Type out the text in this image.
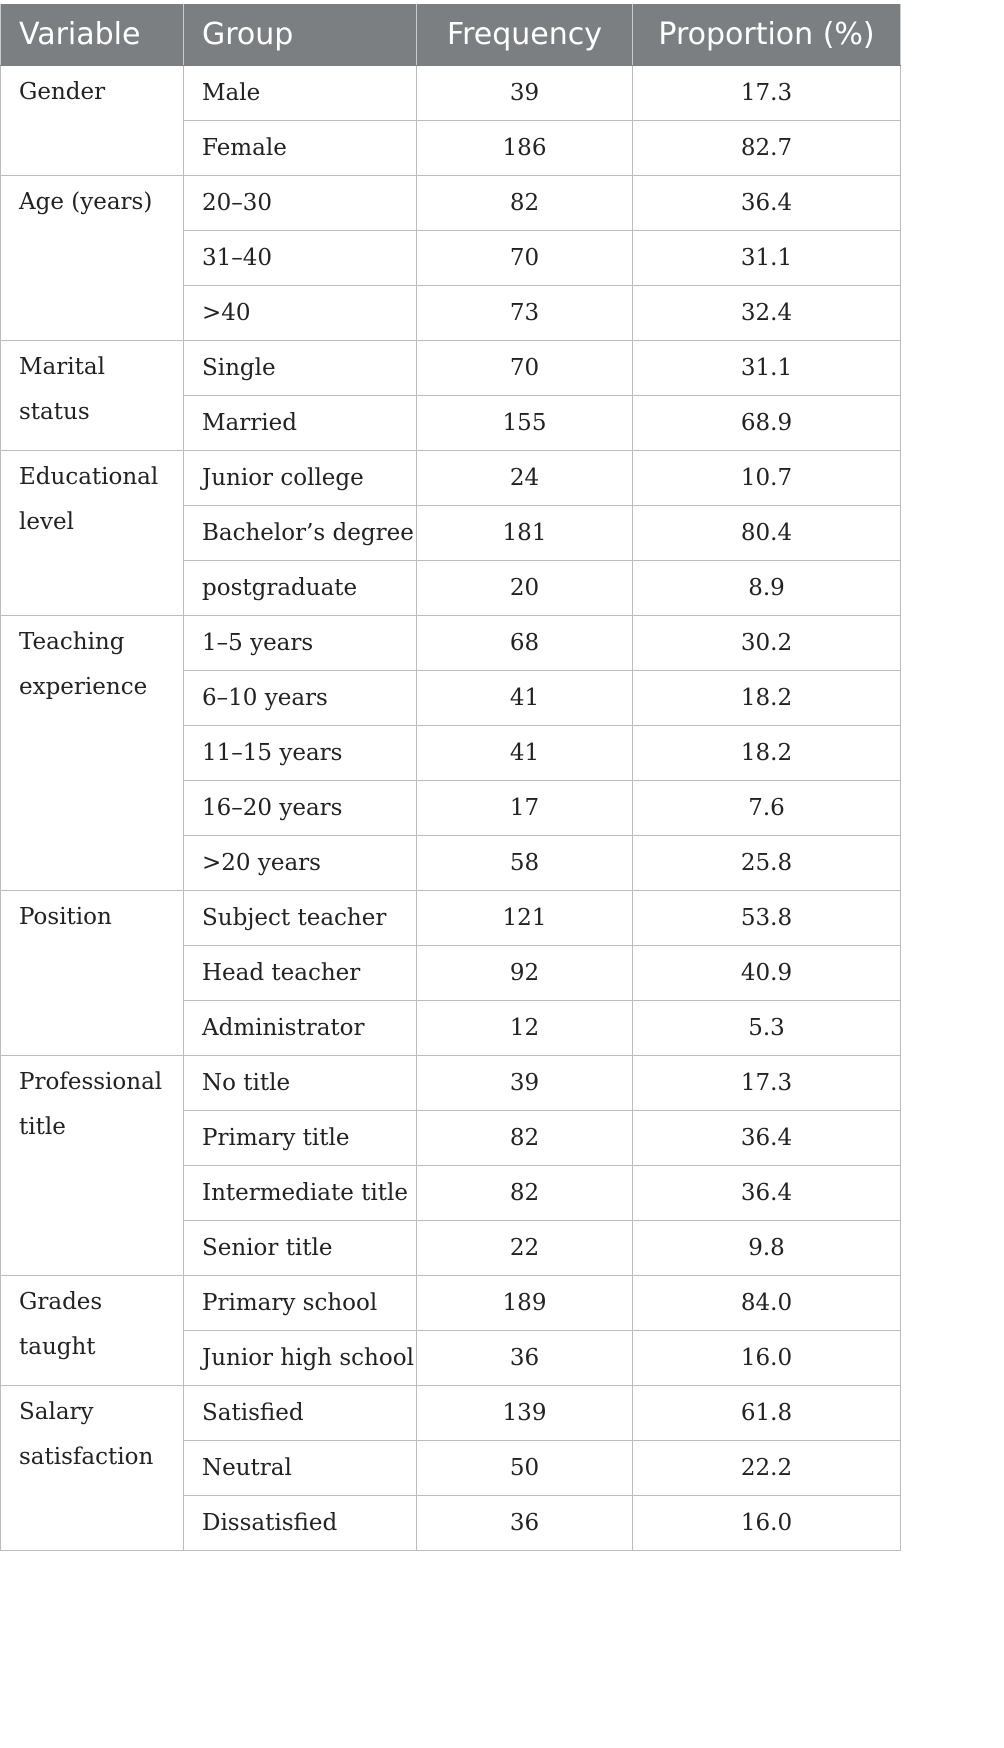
Variable	Group	Frequency	Proportion (%)

Gender	Male	39	17.3
	Female	186	82.7

Age (years)	20–30	82	36.4
	31–40	70	31.1
	>40	73	32.4

Marital status	Single	70	31.1
	Married	155	68.9

Educational level	Junior college	24	10.7
	Bachelor’s degree	181	80.4
	postgraduate	20	8.9

Teaching experience	1–5 years	68	30.2
	6–10 years	41	18.2
	11–15 years	41	18.2
	16–20 years	17	7.6
	>20 years	58	25.8

Position	Subject teacher	121	53.8
	Head teacher	92	40.9
	Administrator	12	5.3

Professional title	No title	39	17.3
	Primary title	82	36.4
	Intermediate title	82	36.4
	Senior title	22	9.8

Grades taught	Primary school	189	84.0
	Junior high school	36	16.0

Salary satisfaction	Satisfied	139	61.8
	Neutral	50	22.2
	Dissatisfied	36	16.0
